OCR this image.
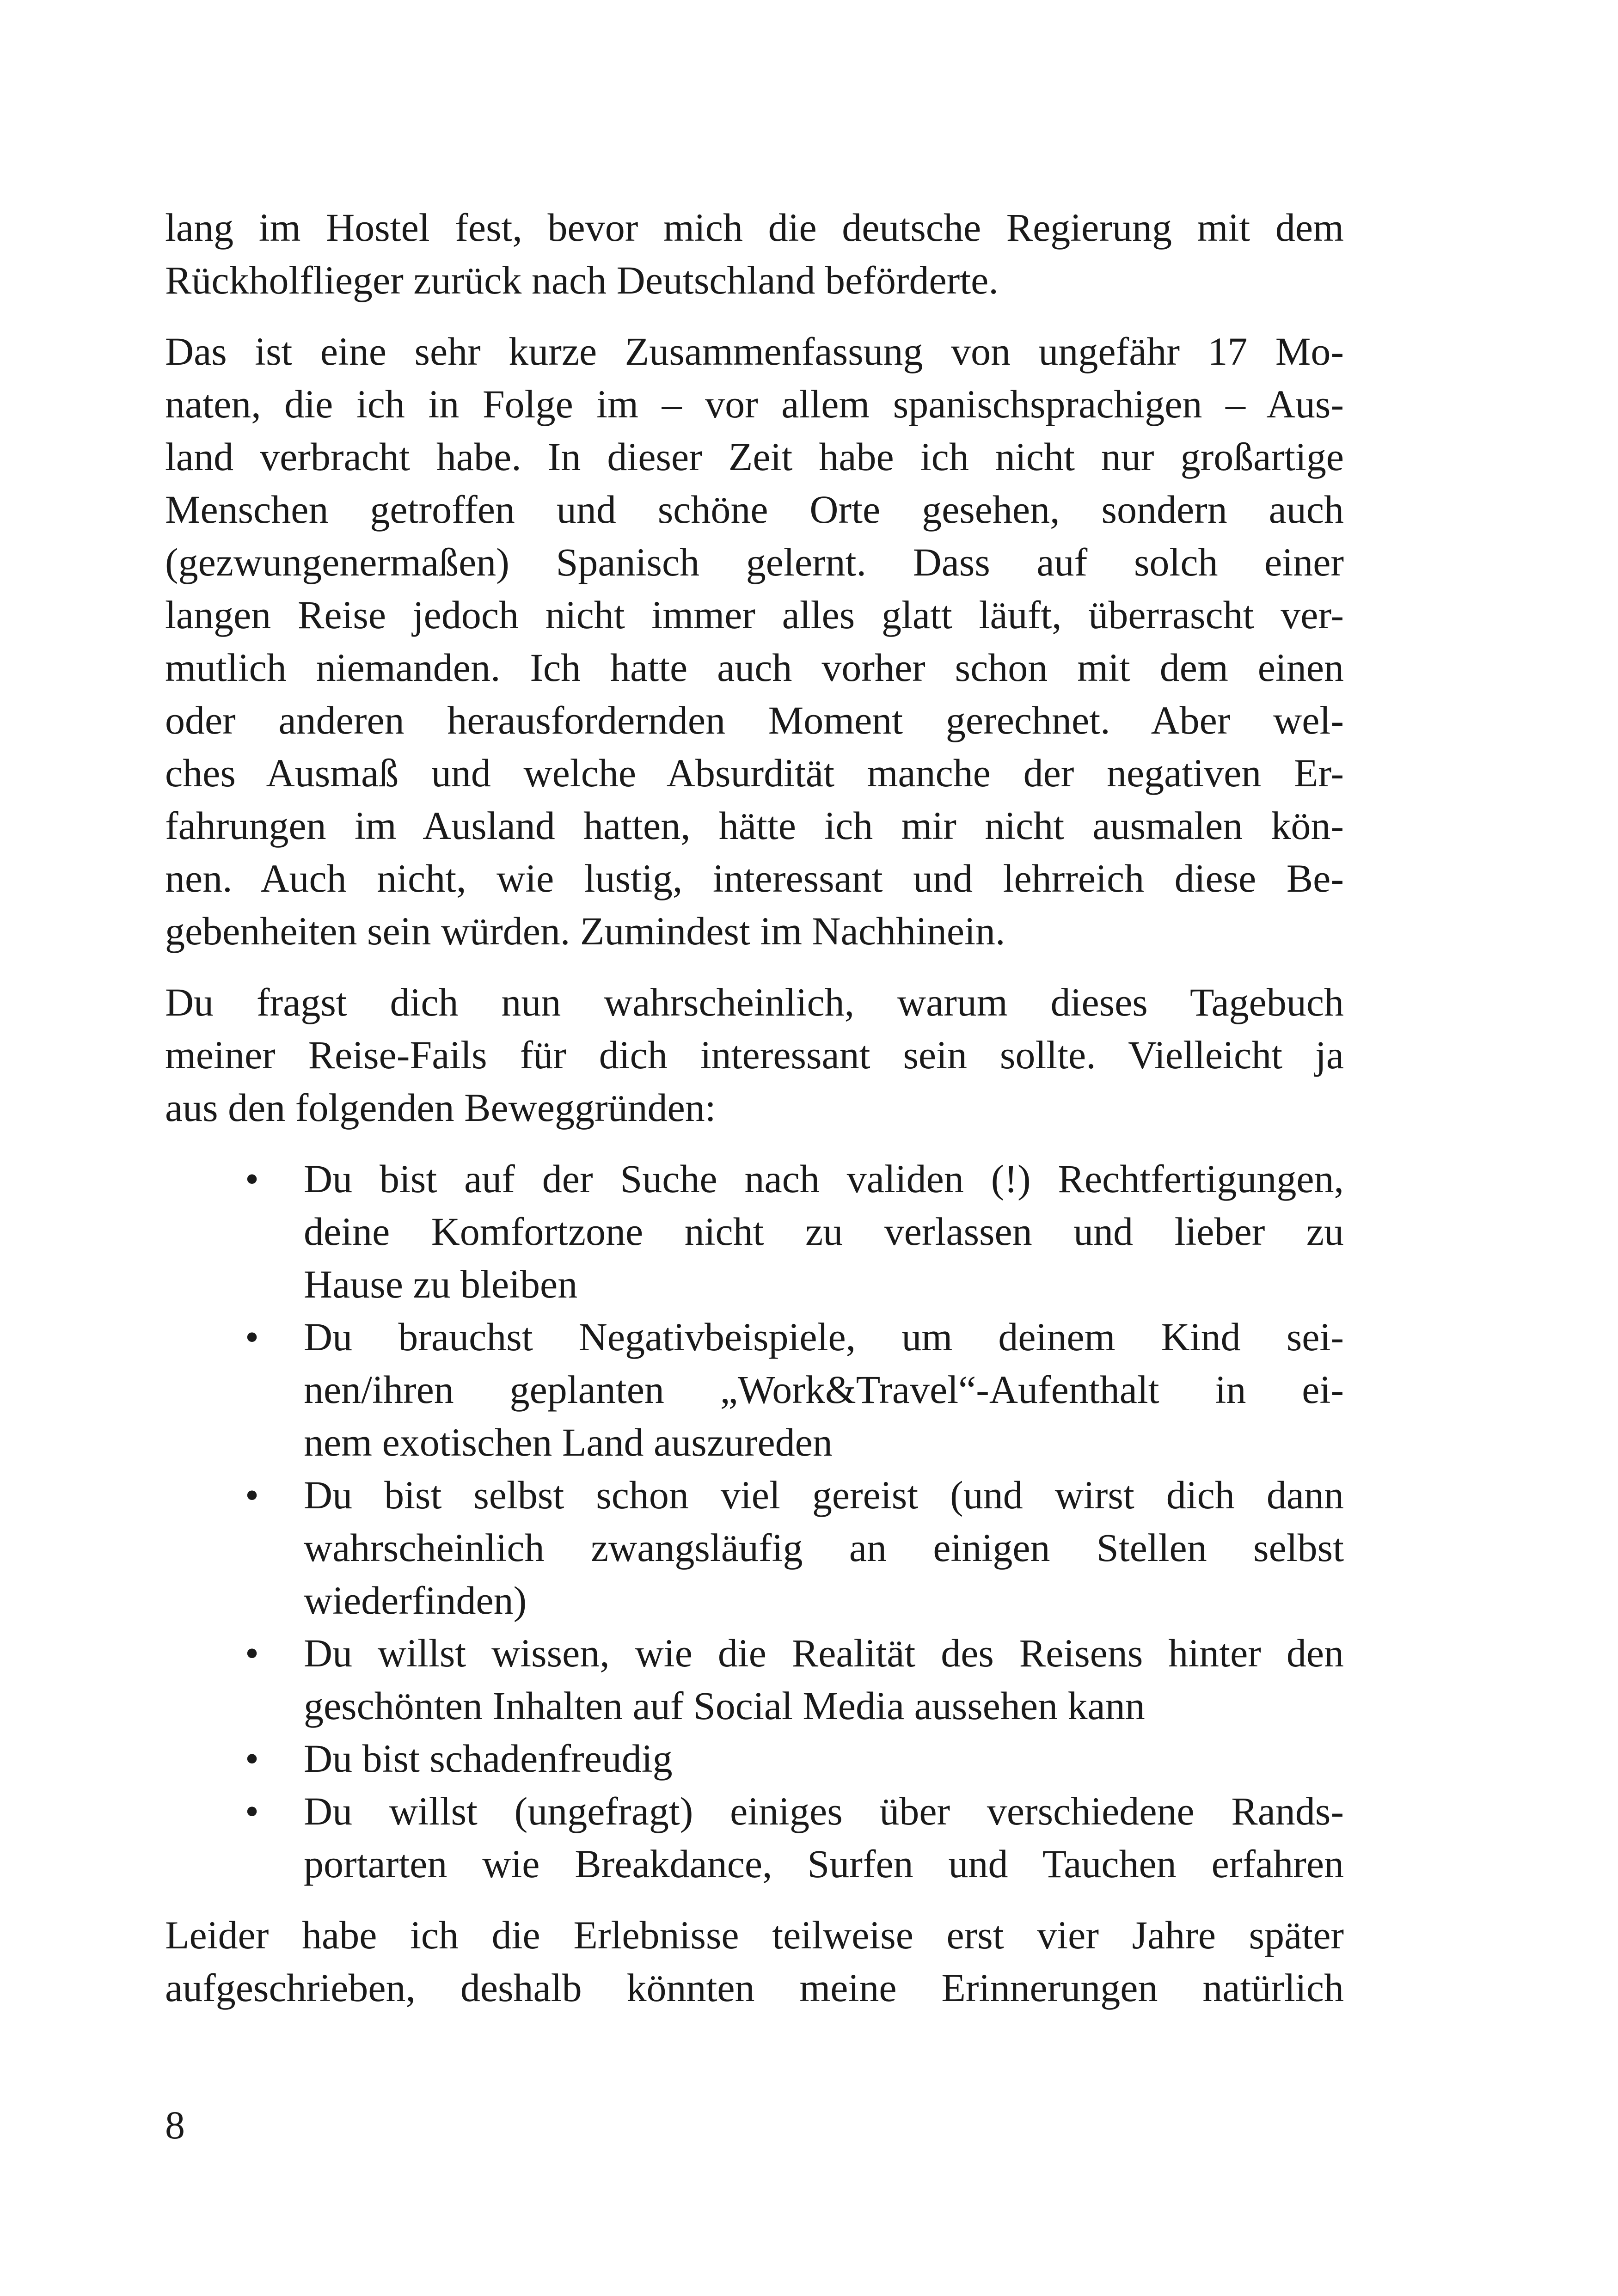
lang im Hostel fest, bevor mich die deutsche Regierung mit dem
Rückholflieger zurück nach Deutschland beförderte.

Das ist eine sehr kurze Zusammenfassung von ungefähr 17 Mo-
naten, die ich in Folge im – vor allem spanischsprachigen – Aus-
land verbracht habe. In dieser Zeit habe ich nicht nur großartige
Menschen getroffen und schöne Orte gesehen, sondern auch
(gezwungenermaßen) Spanisch gelernt. Dass auf solch einer
langen Reise jedoch nicht immer alles glatt läuft, überrascht ver-
mutlich niemanden. Ich hatte auch vorher schon mit dem einen
oder anderen herausfordernden Moment gerechnet. Aber wel-
ches Ausmaß und welche Absurdität manche der negativen Er-
fahrungen im Ausland hatten, hätte ich mir nicht ausmalen kön-
nen. Auch nicht, wie lustig, interessant und lehrreich diese Be-
gebenheiten sein würden. Zumindest im Nachhinein.

Du fragst dich nun wahrscheinlich, warum dieses Tagebuch
meiner Reise-Fails für dich interessant sein sollte. Vielleicht ja
aus den folgenden Beweggründen:

• Du bist auf der Suche nach validen (!) Rechtfertigungen,
deine Komfortzone nicht zu verlassen und lieber zu
Hause zu bleiben
• Du brauchst Negativbeispiele, um deinem Kind sei-
nen/ihren geplanten „Work&Travel“-Aufenthalt in ei-
nem exotischen Land auszureden
• Du bist selbst schon viel gereist (und wirst dich dann
wahrscheinlich zwangsläufig an einigen Stellen selbst
wiederfinden)
• Du willst wissen, wie die Realität des Reisens hinter den
geschönten Inhalten auf Social Media aussehen kann
• Du bist schadenfreudig
• Du willst (ungefragt) einiges über verschiedene Rands-
portarten wie Breakdance, Surfen und Tauchen erfahren

Leider habe ich die Erlebnisse teilweise erst vier Jahre später
aufgeschrieben, deshalb könnten meine Erinnerungen natürlich

8
